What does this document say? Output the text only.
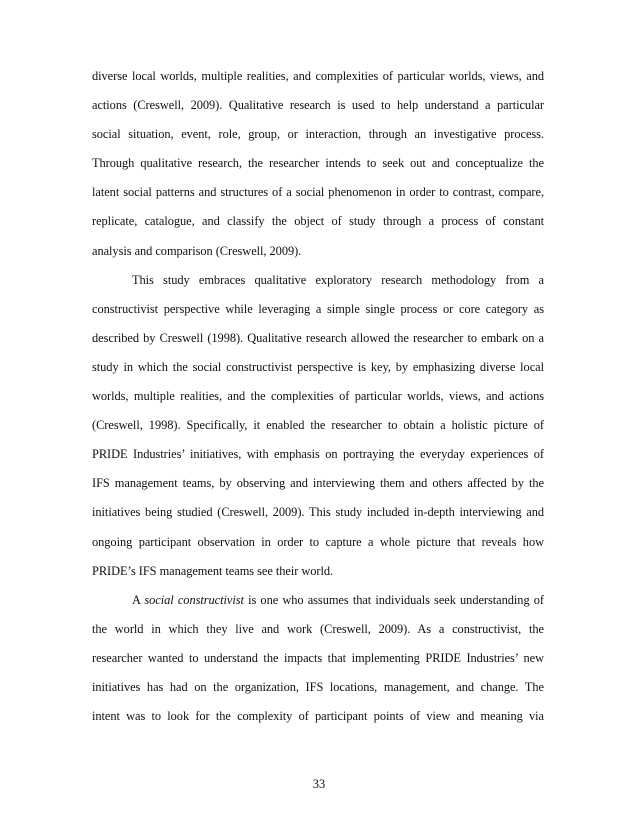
diverse local worlds, multiple realities, and complexities of particular worlds, views, and
actions (Creswell, 2009). Qualitative research is used to help understand a particular
social situation, event, role, group, or interaction, through an investigative process.
Through qualitative research, the researcher intends to seek out and conceptualize the
latent social patterns and structures of a social phenomenon in order to contrast, compare,
replicate, catalogue, and classify the object of study through a process of constant
analysis and comparison (Creswell, 2009).
This study embraces qualitative exploratory research methodology from a
constructivist perspective while leveraging a simple single process or core category as
described by Creswell (1998). Qualitative research allowed the researcher to embark on a
study in which the social constructivist perspective is key, by emphasizing diverse local
worlds, multiple realities, and the complexities of particular worlds, views, and actions
(Creswell, 1998). Specifically, it enabled the researcher to obtain a holistic picture of
PRIDE Industries’ initiatives, with emphasis on portraying the everyday experiences of
IFS management teams, by observing and interviewing them and others affected by the
initiatives being studied (Creswell, 2009). This study included in-depth interviewing and
ongoing participant observation in order to capture a whole picture that reveals how
PRIDE’s IFS management teams see their world.
A social constructivist is one who assumes that individuals seek understanding of
the world in which they live and work (Creswell, 2009). As a constructivist, the
researcher wanted to understand the impacts that implementing PRIDE Industries’ new
initiatives has had on the organization, IFS locations, management, and change. The
intent was to look for the complexity of participant points of view and meaning via
33
